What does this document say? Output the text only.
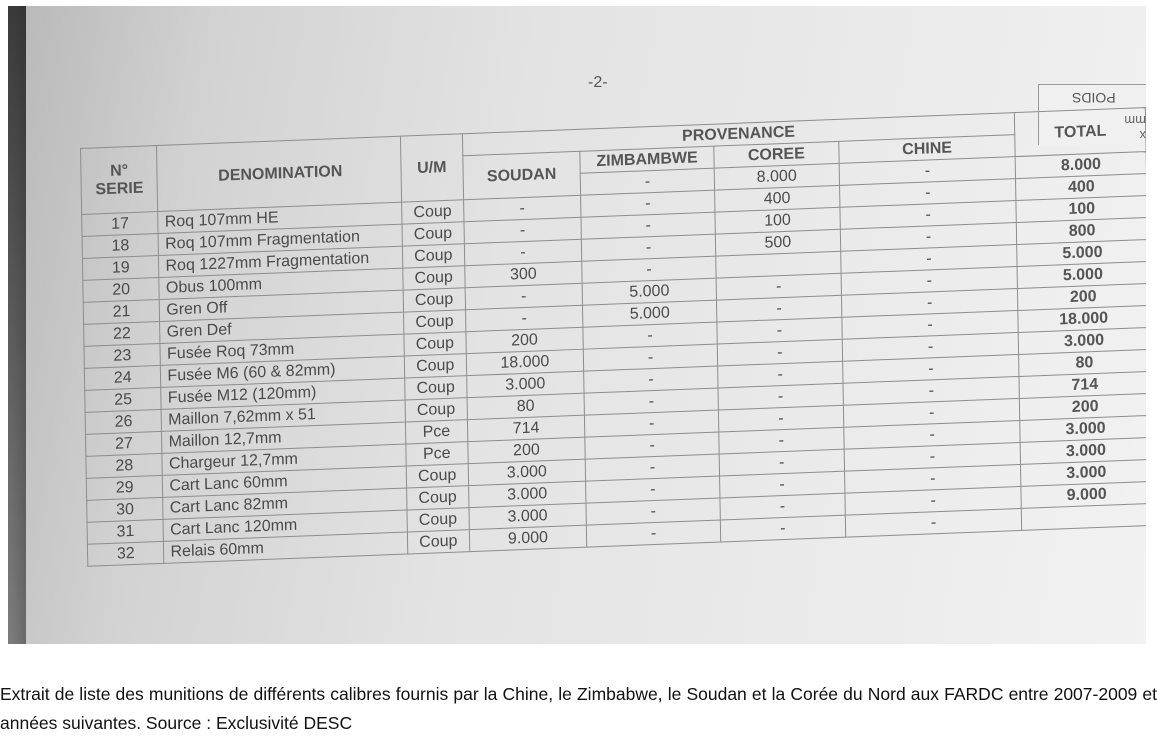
POIDS
x mm
-2-
N°
SERIE	DENOMINATION	U/M	PROVENANCE				TOTAL
			SOUDAN	ZIMBAMBWE	COREE	CHINE	
				-	8.000	-	8.000
17	Roq 107mm HE	Coup	-	-	400	-	400
18	Roq 107mm Fragmentation	Coup	-	-	100	-	100
19	Roq 1227mm Fragmentation	Coup	-	-	500	-	800
20	Obus 100mm	Coup	300	-		-	5.000
21	Gren Off	Coup	-	5.000	-	-	5.000
22	Gren Def	Coup	-	5.000	-	-	200
23	Fusée Roq 73mm	Coup	200	-	-	-	18.000
24	Fusée M6 (60 & 82mm)	Coup	18.000	-	-	-	3.000
25	Fusée M12 (120mm)	Coup	3.000	-	-	-	80
26	Maillon 7,62mm x 51	Coup	80	-	-	-	714
27	Maillon 12,7mm	Pce	714	-	-	-	200
28	Chargeur 12,7mm	Pce	200	-	-	-	3.000
29	Cart Lanc 60mm	Coup	3.000	-	-	-	3.000
30	Cart Lanc 82mm	Coup	3.000	-	-	-	3.000
31	Cart Lanc 120mm	Coup	3.000	-	-	-	9.000
32	Relais 60mm	Coup	9.000	-	-	-	
Extrait de liste des munitions de différents calibres fournis par la Chine, le Zimbabwe, le Soudan et la Corée du Nord aux FARDC entre 2007-2009 et années suivantes. Source : Exclusivité DESC
